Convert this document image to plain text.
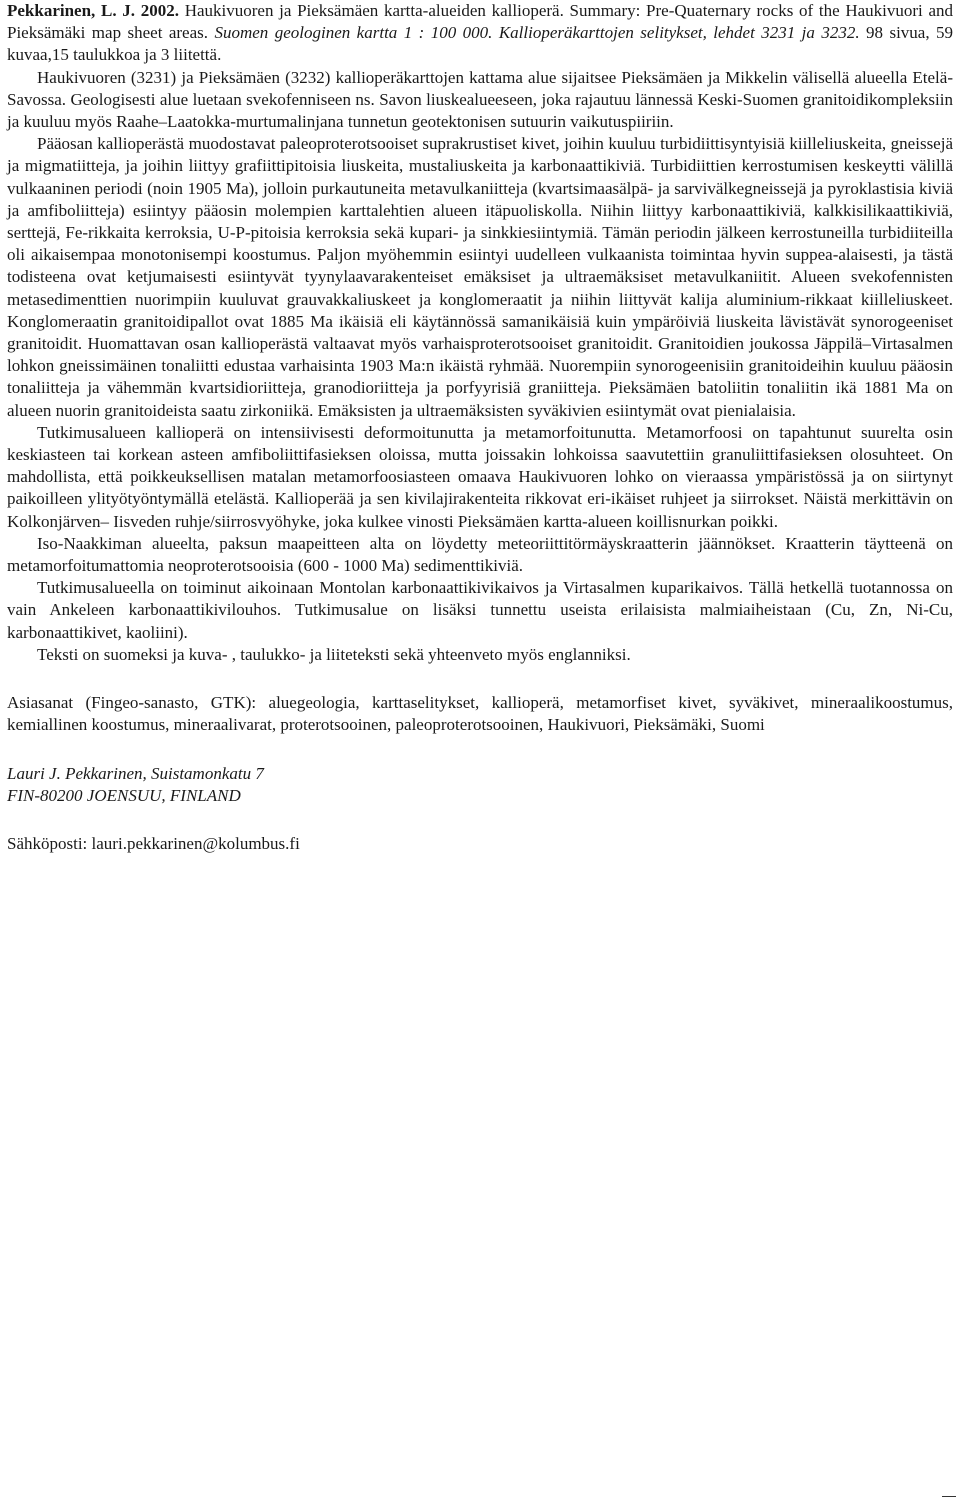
Pekkarinen, L. J. 2002. Haukivuoren ja Pieksämäen kartta-alueiden kallioperä. Summary: Pre-Quaternary rocks of the Haukivuori and Pieksämäki map sheet areas. Suomen geologinen kartta 1 : 100 000. Kallioperäkarttojen selitykset, lehdet 3231 ja 3232. 98 sivua, 59 kuvaa,15 taulukkoa ja 3 liitettä.

Haukivuoren (3231) ja Pieksämäen (3232) kallioperäkarttojen kattama alue sijaitsee Pieksämäen ja Mikkelin välisellä alueella Etelä-Savossa. Geologisesti alue luetaan svekofenniseen ns. Savon liuskealueeseen, joka rajautuu lännessä Keski-Suomen granitoidikompleksiin ja kuuluu myös Raahe–Laatokka-murtumalinjana tunnetun geotektonisen sutuurin vaikutuspiiriin.

Pääosan kallioperästä muodostavat paleoproterotsooiset suprakrustiset kivet, joihin kuuluu turbidiittisyntyisiä kiilleliuskeita, gneissejä ja migmatiitteja, ja joihin liittyy grafiittipitoisia liuskeita, mustaliuskeita ja karbonaattikiviä. Turbidiittien kerrostumisen keskeytti välillä vulkaaninen periodi (noin 1905 Ma), jolloin purkautuneita metavulkaniitteja (kvartsimaasälpä- ja sarvivälkegneissejä ja pyroklastisia kiviä ja amfiboliitteja) esiintyy pääosin molempien karttalehtien alueen itäpuoliskolla. Niihin liittyy karbonaattikiviä, kalkkisilikaattikiviä, serttejä, Fe-rikkaita kerroksia, U-P-pitoisia kerroksia sekä kupari- ja sinkkiesiintymiä. Tämän periodin jälkeen kerrostuneilla turbidiiteilla oli aikaisempaa monotonisempi koostumus. Paljon myöhemmin esiintyi uudelleen vulkaanista toimintaa hyvin suppea-alaisesti, ja tästä todisteena ovat ketjumaisesti esiintyvät tyynylaavarakenteiset emäksiset ja ultraemäksiset metavulkaniitit. Alueen svekofennisten metasedimenttien nuorimpiin kuuluvat grauvakkaliuskeet ja konglomeraatit ja niihin liittyvät kalija aluminium-rikkaat kiilleliuskeet. Konglomeraatin granitoidipallot ovat 1885 Ma ikäisiä eli käytännössä samanikäisiä kuin ympäröiviä liuskeita lävistävät synorogeeniset granitoidit. Huomattavan osan kallioperästä valtaavat myös varhaisproterotsooiset granitoidit. Granitoidien joukossa Jäppilä–Virtasalmen lohkon gneissimäinen tonaliitti edustaa varhaisinta 1903 Ma:n ikäistä ryhmää. Nuorempiin synorogeenisiin granitoideihin kuuluu pääosin tonaliitteja ja vähemmän kvartsidioriitteja, granodioriitteja ja porfyyrisiä graniitteja. Pieksämäen batoliitin tonaliitin ikä 1881 Ma on alueen nuorin granitoideista saatu zirkoniikä. Emäksisten ja ultraemäksisten syväkivien esiintymät ovat pienialaisia.

Tutkimusalueen kallioperä on intensiivisesti deformoitunutta ja metamorfoitunutta. Metamorfoosi on tapahtunut suurelta osin keskiasteen tai korkean asteen amfiboliittifasieksen oloissa, mutta joissakin lohkoissa saavutettiin granuliittifasieksen olosuhteet. On mahdollista, että poikkeuksellisen matalan metamorfoosiasteen omaava Haukivuoren lohko on vieraassa ympäristössä ja on siirtynyt paikoilleen ylityötyöntymällä etelästä. Kallioperää ja sen kivilajirakenteita rikkovat eri-ikäiset ruhjeet ja siirrokset. Näistä merkittävin on Kolkonjärven– Iisveden ruhje/siirrosvyöhyke, joka kulkee vinosti Pieksämäen kartta-alueen koillisnurkan poikki.

Iso-Naakkiman alueelta, paksun maapeitteen alta on löydetty meteoriittitörmäyskraatterin jäännökset. Kraatterin täytteenä on metamorfoitumattomia neoproterotsooisia (600 - 1000 Ma) sedimenttikiviä.

Tutkimusalueella on toiminut aikoinaan Montolan karbonaattikivikaivos ja Virtasalmen kuparikaivos. Tällä hetkellä tuotannossa on vain Ankeleen karbonaattikivilouhos. Tutkimusalue on lisäksi tunnettu useista erilaisista malmiaiheistaan (Cu, Zn, Ni-Cu, karbonaattikivet, kaoliini).

Teksti on suomeksi ja kuva- , taulukko- ja liiteteksti sekä yhteenveto myös englanniksi.

Asiasanat (Fingeo-sanasto, GTK): aluegeologia, karttaselitykset, kallioperä, metamorfiset kivet, syväkivet, mineraalikoostumus, kemiallinen koostumus, mineraalivarat, proterotsooinen, paleoproterotsooinen, Haukivuori, Pieksämäki, Suomi

Lauri J. Pekkarinen, Suistamonkatu 7

FIN-80200 JOENSUU, FINLAND

Sähköposti: lauri.pekkarinen@kolumbus.fi
